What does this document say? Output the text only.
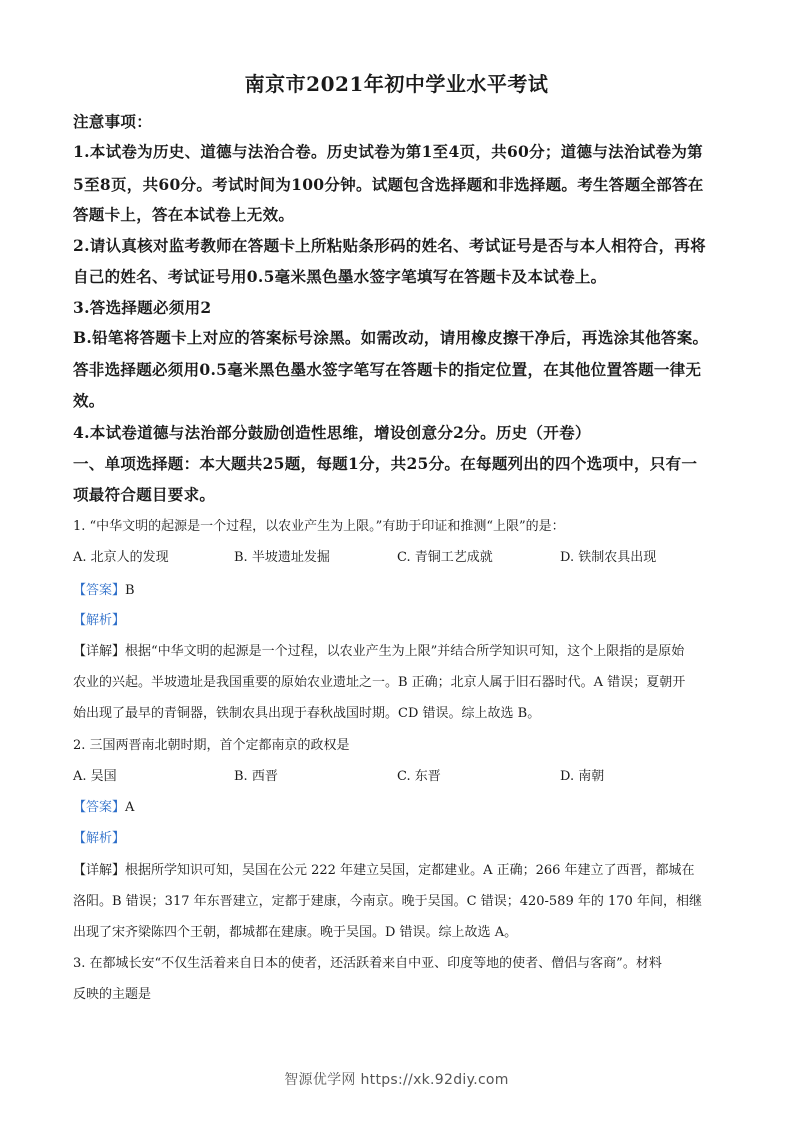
南京市2021年初中学业水平考试
注意事项：
1.本试卷为历史、道德与法治合卷。历史试卷为第1至4页，共60分；道德与法治试卷为第
5至8页，共60分。考试时间为100分钟。试题包含选择题和非选择题。考生答题全部答在
答题卡上，答在本试卷上无效。
2.请认真核对监考教师在答题卡上所粘贴条形码的姓名、考试证号是否与本人相符合，再将
自己的姓名、考试证号用0.5毫米黑色墨水签字笔填写在答题卡及本试卷上。
3.答选择题必须用2
B.铅笔将答题卡上对应的答案标号涂黑。如需改动，请用橡皮擦干净后，再选涂其他答案。
答非选择题必须用0.5毫米黑色墨水签字笔写在答题卡的指定位置，在其他位置答题一律无
效。
4.本试卷道德与法治部分鼓励创造性思维，增设创意分2分。历史（开卷）
一、单项选择题：本大题共25题，每题1分，共25分。在每题列出的四个选项中，只有一
项最符合题目要求。
1. “中华文明的起源是一个过程，以农业产生为上限。”有助于印证和推测“上限”的是：
A. 北京人的发现	B. 半坡遗址发掘	C. 青铜工艺成就	D. 铁制农具出现
【答案】B
【解析】
【详解】根据“中华文明的起源是一个过程，以农业产生为上限”并结合所学知识可知，这个上限指的是原始
农业的兴起。半坡遗址是我国重要的原始农业遗址之一。B 正确；北京人属于旧石器时代。A 错误；夏朝开
始出现了最早的青铜器，铁制农具出现于春秋战国时期。CD 错误。综上故选 B。
2. 三国两晋南北朝时期，首个定都南京的政权是
A. 吴国	B. 西晋	C. 东晋	D. 南朝
【答案】A
【解析】
【详解】根据所学知识可知，吴国在公元 222 年建立吴国，定都建业。A 正确；266 年建立了西晋，都城在
洛阳。B 错误；317 年东晋建立，定都于建康，今南京。晚于吴国。C 错误；420-589 年的 170 年间，相继
出现了宋齐梁陈四个王朝，都城都在建康。晚于吴国。D 错误。综上故选 A。
3. 在都城长安“不仅生活着来自日本的使者，还活跃着来自中亚、印度等地的使者、僧侣与客商”。材料
反映的主题是
智源优学网 https://xk.92diy.com
